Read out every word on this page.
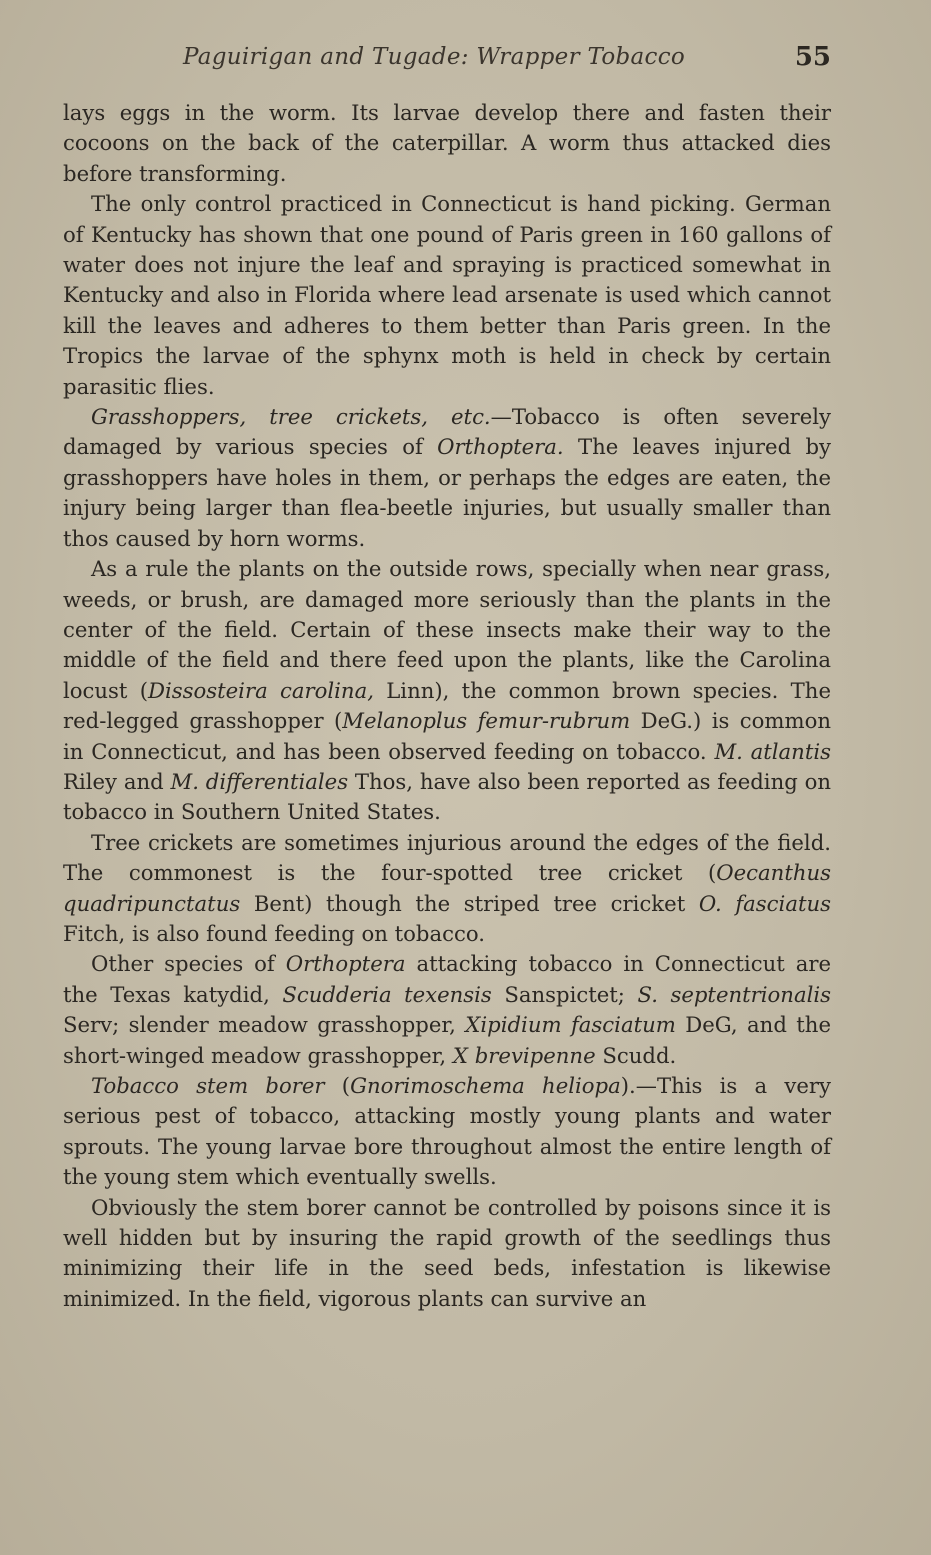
Paguirigan and Tugade: Wrapper Tobacco	55

lays eggs in the worm. Its larvae develop there and fasten their cocoons on the back of the caterpillar. A worm thus attacked dies before transforming.

The only control practiced in Connecticut is hand picking. German of Kentucky has shown that one pound of Paris green in 160 gallons of water does not injure the leaf and spraying is practiced somewhat in Kentucky and also in Florida where lead arsenate is used which cannot kill the leaves and adheres to them better than Paris green. In the Tropics the larvae of the sphynx moth is held in check by certain parasitic flies.

Grasshoppers, tree crickets, etc.—Tobacco is often severely damaged by various species of Orthoptera. The leaves injured by grasshoppers have holes in them, or perhaps the edges are eaten, the injury being larger than flea-beetle injuries, but usually smaller than thos caused by horn worms.

As a rule the plants on the outside rows, specially when near grass, weeds, or brush, are damaged more seriously than the plants in the center of the field. Certain of these insects make their way to the middle of the field and there feed upon the plants, like the Carolina locust (Dissosteira carolina, Linn), the common brown species. The red-legged grasshopper (Melanoplus femur-rubrum DeG.) is common in Connecticut, and has been observed feeding on tobacco. M. atlantis Riley and M. differentiales Thos, have also been reported as feeding on tobacco in Southern United States.

Tree crickets are sometimes injurious around the edges of the field. The commonest is the four-spotted tree cricket (Oecanthus quadripunctatus Bent) though the striped tree cricket O. fasciatus Fitch, is also found feeding on tobacco.

Other species of Orthoptera attacking tobacco in Connecticut are the Texas katydid, Scudderia texensis Sanspictet; S. septentrionalis Serv; slender meadow grasshopper, Xipidium fasciatum DeG, and the short-winged meadow grasshopper, X brevipenne Scudd.

Tobacco stem borer (Gnorimoschema heliopa).—This is a very serious pest of tobacco, attacking mostly young plants and water sprouts. The young larvae bore throughout almost the entire length of the young stem which eventually swells.

Obviously the stem borer cannot be controlled by poisons since it is well hidden but by insuring the rapid growth of the seedlings thus minimizing their life in the seed beds, infestation is likewise minimized. In the field, vigorous plants can survive an
